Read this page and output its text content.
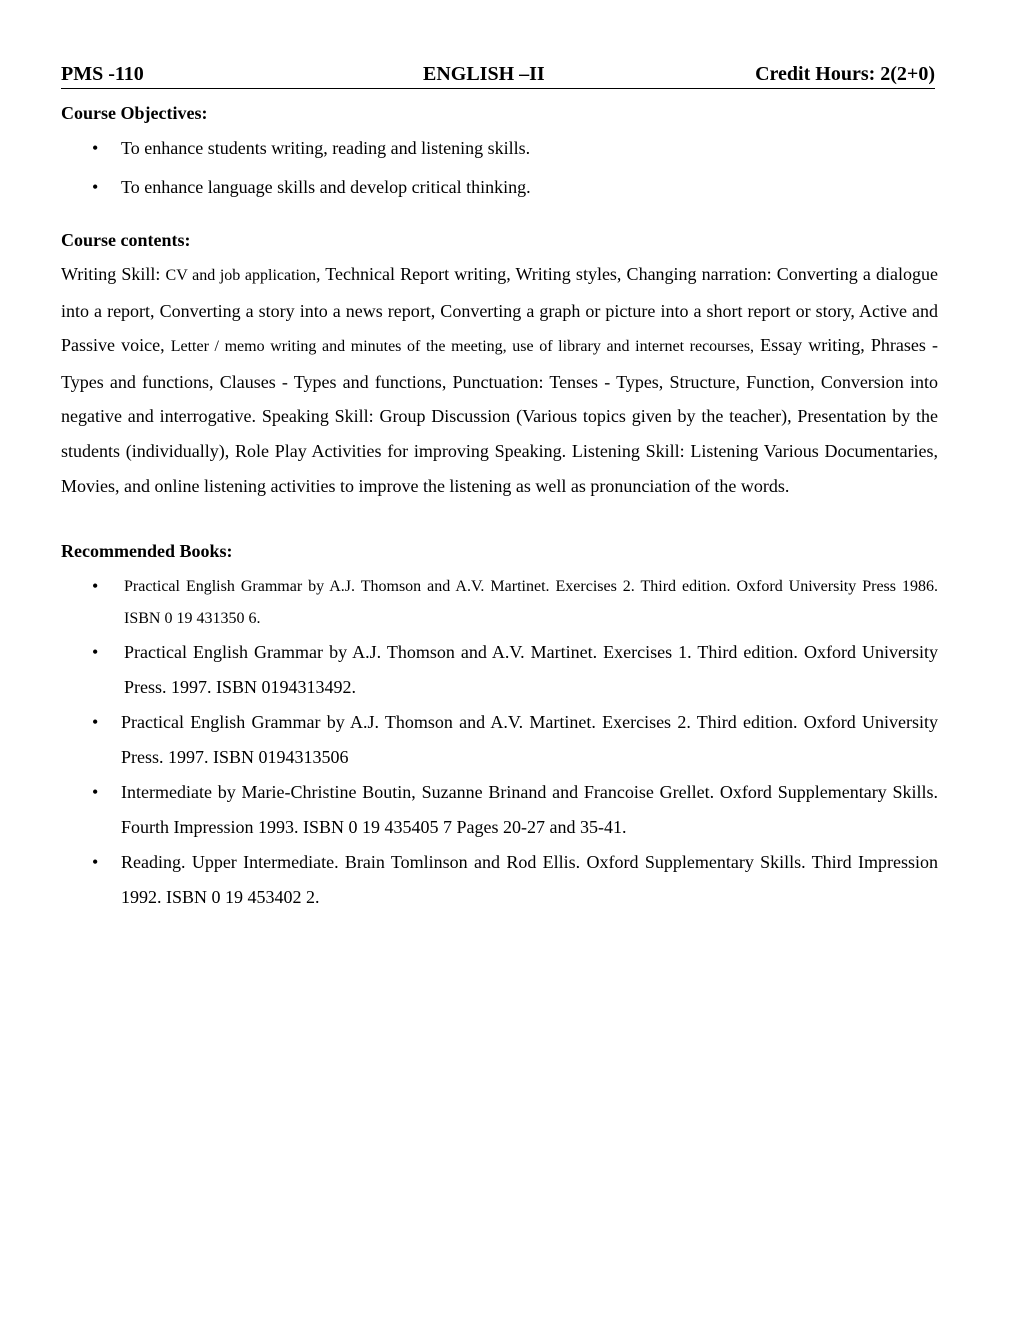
PMS -110	ENGLISH –II	Credit Hours: 2(2+0)
Course Objectives:
• To enhance students writing, reading and listening skills.
• To enhance language skills and develop critical thinking.
Course contents:

Writing Skill: CV and job application, Technical Report writing, Writing styles, Changing narration: Converting a dialogue into a report, Converting a story into a news report, Converting a graph or picture into a short report or story, Active and Passive voice, Letter / memo writing and minutes of the meeting, use of library and internet recourses, Essay writing, Phrases - Types and functions, Clauses - Types and functions, Punctuation: Tenses - Types, Structure, Function, Conversion into negative and interrogative. Speaking Skill: Group Discussion (Various topics given by the teacher), Presentation by the students (individually), Role Play Activities for improving Speaking. Listening Skill: Listening Various Documentaries, Movies, and online listening activities to improve the listening as well as pronunciation of the words.

Recommended Books:
• Practical English Grammar by A.J. Thomson and A.V. Martinet. Exercises 2. Third edition. Oxford University Press 1986. ISBN 0 19 431350 6.
• Practical English Grammar by A.J. Thomson and A.V. Martinet. Exercises 1. Third edition. Oxford University Press. 1997. ISBN 0194313492.
• Practical English Grammar by A.J. Thomson and A.V. Martinet. Exercises 2. Third edition. Oxford University Press. 1997. ISBN 0194313506
• Intermediate by Marie-Christine Boutin, Suzanne Brinand and Francoise Grellet. Oxford Supplementary Skills. Fourth Impression 1993. ISBN 0 19 435405 7 Pages 20-27 and 35-41.
• Reading. Upper Intermediate. Brain Tomlinson and Rod Ellis. Oxford Supplementary Skills. Third Impression 1992. ISBN 0 19 453402 2.
